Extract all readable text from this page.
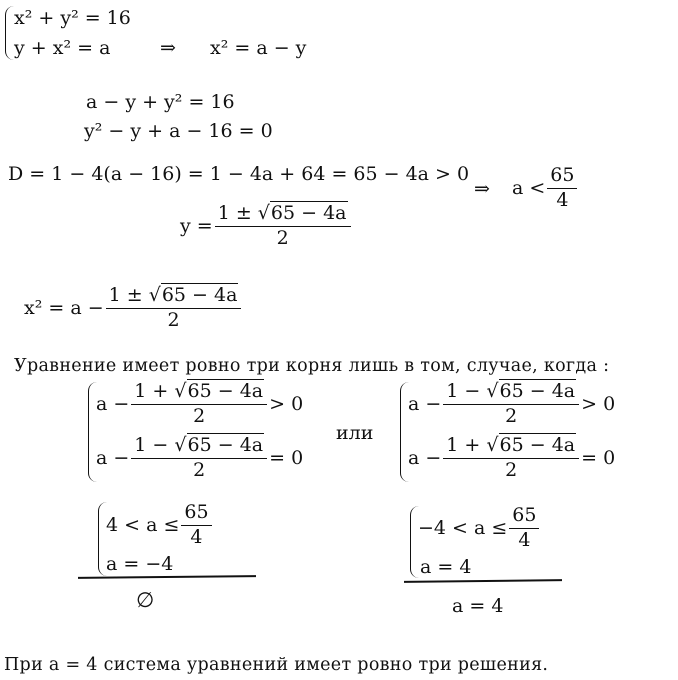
x² + y² = 16
y + x² = a	⇒ x² = a − y
a − y + y² = 16
y² − y + a − 16 = 0
D = 1 − 4(a − 16) = 1 − 4a + 64 = 65 − 4a > 0
⇒ $a < \frac{65}{4}$
$y = \frac{1 \pm √65 - 4a}{2}$
$x^2 = a - \frac{1 \pm √65 - 4a}{2}$
Уравнение имеет ровно три корня лишь в том, случае, когда :
$a - \frac{1 + √65 - 4a}{2} > 0$
$a - \frac{1 - √65 - 4a}{2} = 0$
или
$a - \frac{1 - √65 - 4a}{2} > 0$
$a - \frac{1 + √65 - 4a}{2} = 0$
$4 < a \le \frac{65}{4}$
a = −4
∅
$-4 < a \le \frac{65}{4}$
a = 4
a = 4
При a = 4 система уравнений имеет ровно три решения.
